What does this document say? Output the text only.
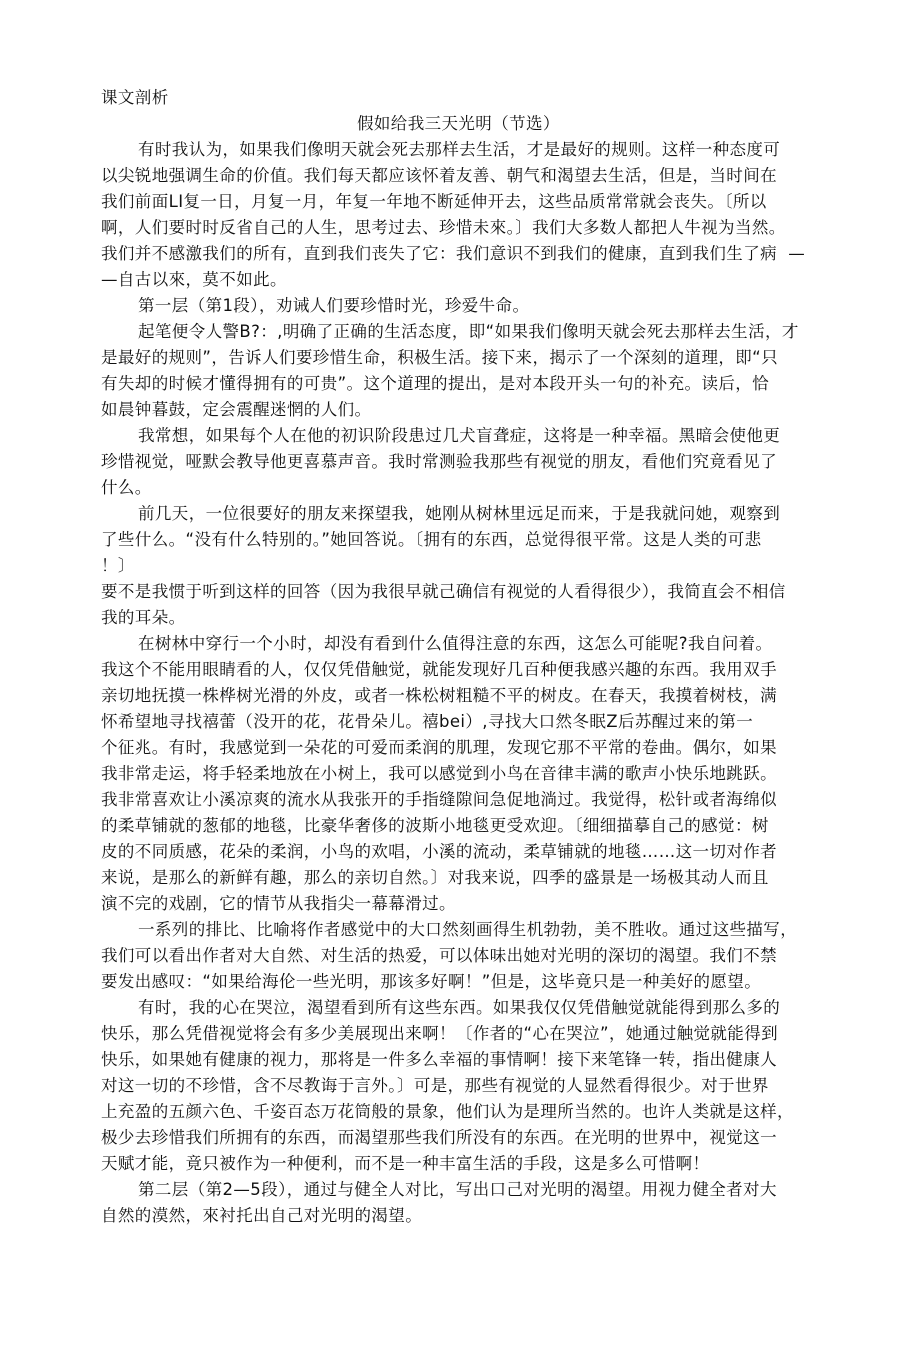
课文剖析
假如给我三天光明（节选）
有时我认为，如果我们像明天就会死去那样去生活，才是最好的规则。这样一种态度可
以尖锐地强调生命的价值。我们每天都应该怀着友善、朝气和渴望去生活，但是，当时间在
我们前面LI复一日，月复一月，年复一年地不断延伸开去，这些品质常常就会丧失。〔所以
啊，人们要时时反省自己的人生，思考过去、珍惜未來。〕我们大多数人都把人牛视为当然。
我们并不感激我们的所有，直到我们丧失了它：我们意识不到我们的健康，直到我们生了病  —
—自古以來，莫不如此。
第一层（第1段），劝诫人们要珍惜时光，珍爱牛命。
起笔便令人警B?：,明确了正确的生活态度，即“如果我们像明天就会死去那样去生活，才
是最好的规则”，告诉人们要珍惜生命，积极生活。接下来，揭示了一个深刻的道理，即“只
有失却的时候才懂得拥有的可贵”。这个道理的提出，是对本段开头一句的补充。读后，恰
如晨钟暮鼓，定会震醒迷惘的人们。
我常想，如果每个人在他的初识阶段患过几犬盲聋症，这将是一种幸福。黑暗会使他更
珍惜视觉，哑默会教导他更喜慕声音。我时常测验我那些有视觉的朋友，看他们究竟看见了
什么。
前几天，一位很要好的朋友来探望我，她刚从树林里远足而来，于是我就问她，观察到
了些什么。“没有什么特别的。”她回答说。〔拥有的东西，总觉得很平常。这是人类的可悲
！〕
要不是我惯于听到这样的回答（因为我很早就己确信有视觉的人看得很少），我简直会不相信
我的耳朵。
在树林中穿行一个小时，却没有看到什么值得注意的东西，这怎么可能呢?我自问着。
我这个不能用眼睛看的人，仅仅凭借触觉，就能发现好几百种便我感兴趣的东西。我用双手
亲切地抚摸一株桦树光滑的外皮，或者一株松树粗糙不平的树皮。在春天，我摸着树枝，满
怀希望地寻找禧蕾（没开的花，花骨朵儿。禧bei）,寻找大口然冬眠Z后苏醒过来的第一
个征兆。有时，我感觉到一朵花的可爱而柔润的肌理，发现它那不平常的卷曲。偶尔，如果
我非常走运，将手轻柔地放在小树上，我可以感觉到小鸟在音律丰满的歌声小快乐地跳跃。
我非常喜欢让小溪凉爽的流水从我张开的手指缝隙间急促地淌过。我觉得，松针或者海绵似
的柔草铺就的葱郁的地毯，比豪华奢侈的波斯小地毯更受欢迎。〔细细描摹自己的感觉：树
皮的不同质感，花朵的柔润，小鸟的欢唱，小溪的流动，柔草铺就的地毯……这一切对作者
来说，是那么的新鲜有趣，那么的亲切自然。〕对我来说，四季的盛景是一场极其动人而且
演不完的戏剧，它的情节从我指尖一幕幕滑过。
一系列的排比、比喻将作者感觉中的大口然刻画得生机勃勃，美不胜收。通过这些描写，
我们可以看出作者对大自然、对生活的热爱，可以体味出她对光明的深切的渴望。我们不禁
要发出感叹：“如果给海伦一些光明，那该多好啊！”但是，这毕竟只是一种美好的愿望。
有时，我的心在哭泣，渴望看到所有这些东西。如果我仅仅凭借触觉就能得到那么多的
快乐，那么凭借视觉将会有多少美展现出来啊！〔作者的“心在哭泣”，她通过触觉就能得到
快乐，如果她有健康的视力，那将是一件多么幸福的事情啊！接下来笔锋一转，指出健康人
对这一切的不珍惜，含不尽教诲于言外。〕可是，那些有视觉的人显然看得很少。对于世界
上充盈的五颜六色、千姿百态万花筒般的景象，他们认为是理所当然的。也许人类就是这样，
极少去珍惜我们所拥有的东西，而渴望那些我们所没有的东西。在光明的世界中，视觉这一
天赋才能，竟只被作为一种便利，而不是一种丰富生活的手段，这是多么可惜啊！
第二层（第2—5段），通过与健全人对比，写出口己对光明的渴望。用视力健全者对大
自然的漠然，來衬托出自己对光明的渴望。
